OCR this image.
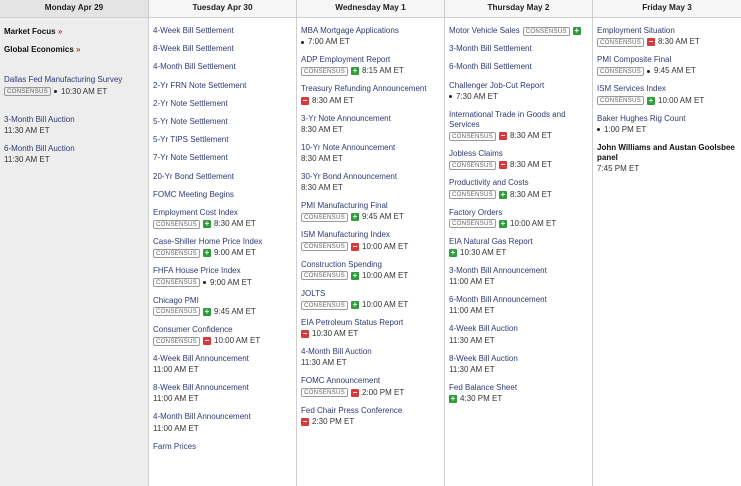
Monday Apr 29
Market Focus »
Global Economics »
Dallas Fed Manufacturing Survey
CONSENSUS	10:30 AM ET
3-Month Bill Auction
11:30 AM ET
6-Month Bill Auction
11:30 AM ET
Tuesday Apr 30
4-Week Bill Settlement
8-Week Bill Settlement
4-Month Bill Settlement
2-Yr FRN Note Settlement
2-Yr Note Settlement
5-Yr Note Settlement
5-Yr TIPS Settlement
7-Yr Note Settlement
20-Yr Bond Settlement
FOMC Meeting Begins
Employment Cost Index
CONSENSUS + 8:30 AM ET
Case-Shiller Home Price Index
CONSENSUS + 9:00 AM ET
FHFA House Price Index
CONSENSUS	9:00 AM ET
Chicago PMI
CONSENSUS + 9:45 AM ET
Consumer Confidence
CONSENSUS − 10:00 AM ET
4-Week Bill Announcement
11:00 AM ET
8-Week Bill Announcement
11:00 AM ET
4-Month Bill Announcement
11:00 AM ET
Farm Prices
Wednesday May 1
MBA Mortgage Applications
7:00 AM ET
ADP Employment Report
CONSENSUS + 8:15 AM ET
Treasury Refunding Announcement
− 8:30 AM ET
3-Yr Note Announcement
8:30 AM ET
10-Yr Note Announcement
8:30 AM ET
30-Yr Bond Announcement
8:30 AM ET
PMI Manufacturing Final
CONSENSUS + 9:45 AM ET
ISM Manufacturing Index
CONSENSUS − 10:00 AM ET
Construction Spending
CONSENSUS + 10:00 AM ET
JOLTS
CONSENSUS + 10:00 AM ET
EIA Petroleum Status Report
− 10:30 AM ET
4-Month Bill Auction
11:30 AM ET
FOMC Announcement
CONSENSUS − 2:00 PM ET
Fed Chair Press Conference
− 2:30 PM ET
Thursday May 2
Motor Vehicle Sales CONSENSUS +
3-Month Bill Settlement
6-Month Bill Settlement
Challenger Job-Cut Report
7:30 AM ET
International Trade in Goods and Services
CONSENSUS − 8:30 AM ET
Jobless Claims
CONSENSUS − 8:30 AM ET
Productivity and Costs
CONSENSUS + 8:30 AM ET
Factory Orders
CONSENSUS + 10:00 AM ET
EIA Natural Gas Report
+ 10:30 AM ET
3-Month Bill Announcement
11:00 AM ET
6-Month Bill Announcement
11:00 AM ET
4-Week Bill Auction
11:30 AM ET
8-Week Bill Auction
11:30 AM ET
Fed Balance Sheet
+ 4:30 PM ET
Friday May 3
Employment Situation
CONSENSUS − 8:30 AM ET
PMI Composite Final
CONSENSUS	9:45 AM ET
ISM Services Index
CONSENSUS + 10:00 AM ET
Baker Hughes Rig Count
1:00 PM ET
John Williams and Austan Goolsbee panel
7:45 PM ET
